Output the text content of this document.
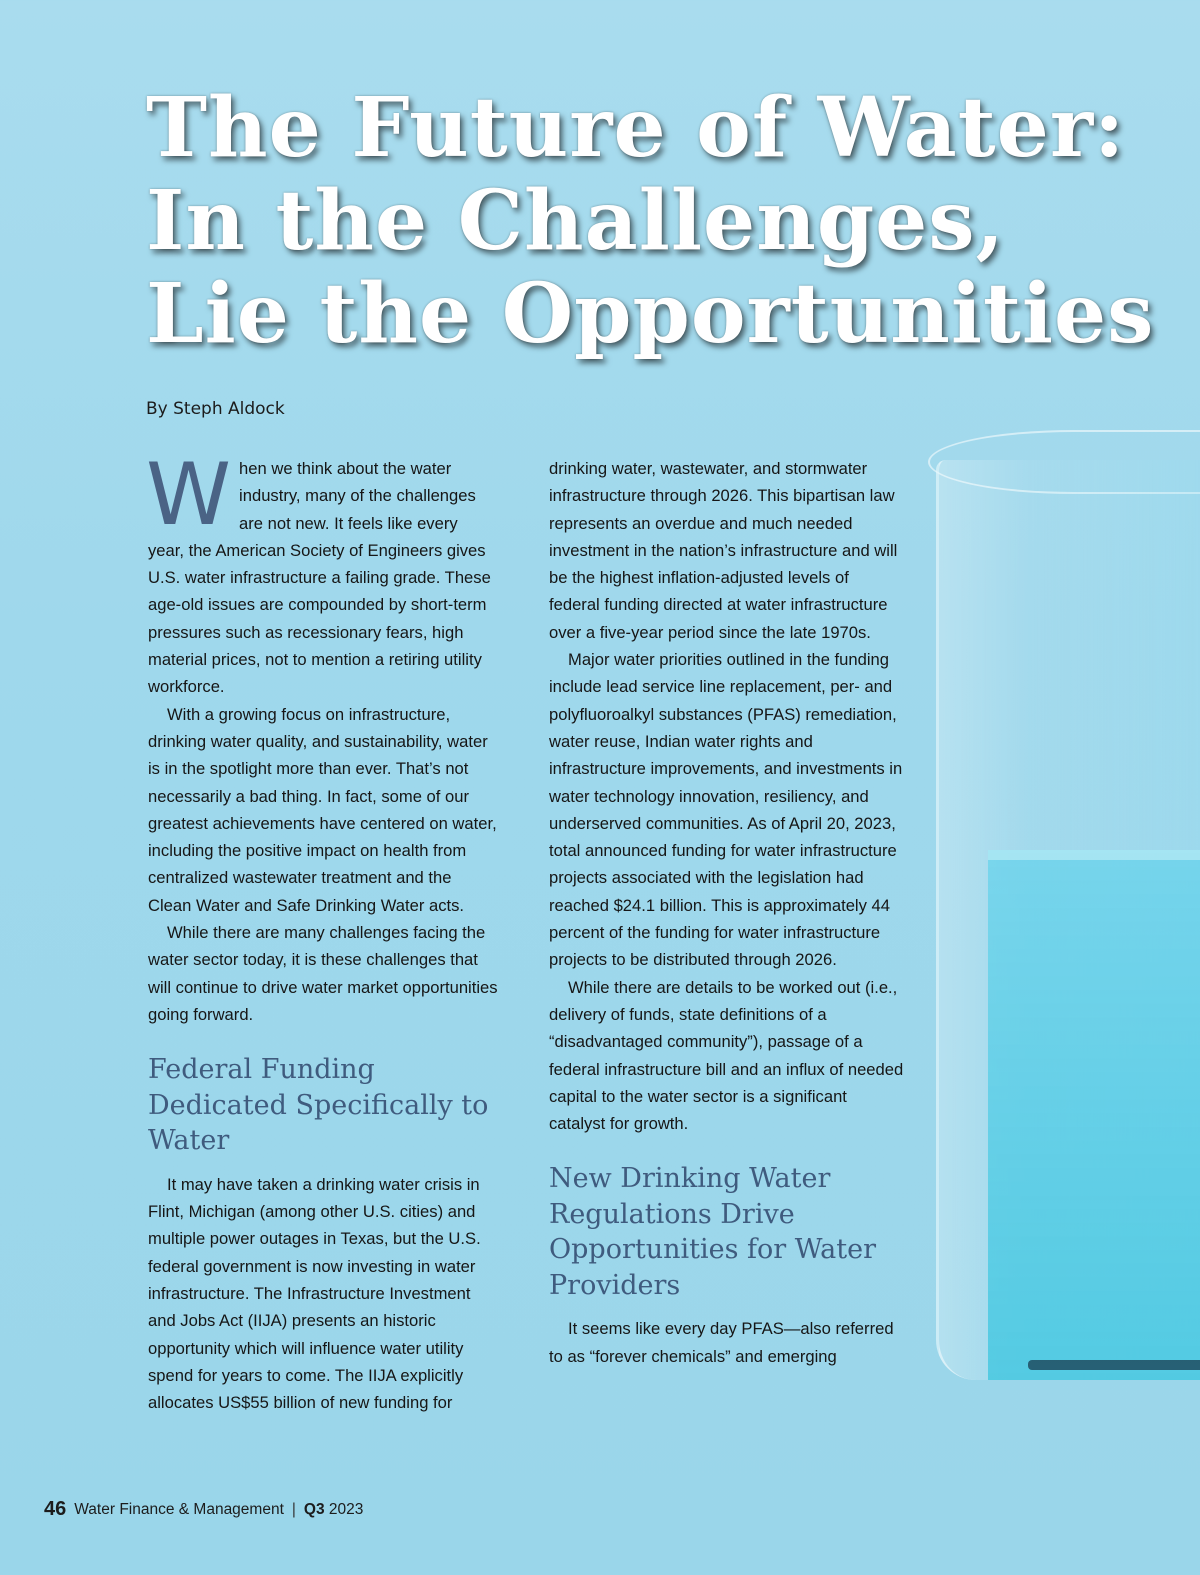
The Future of Water:
In the Challenges,
Lie the Opportunities
By Steph Aldock

When we think about the water industry, many of the challenges are not new. It feels like every year, the American Society of Engineers gives U.S. water infrastructure a failing grade. These age-old issues are compounded by short-term pressures such as recessionary fears, high material prices, not to mention a retiring utility workforce.

With a growing focus on infrastructure, drinking water quality, and sustainability, water is in the spotlight more than ever. That’s not necessarily a bad thing. In fact, some of our greatest achievements have centered on water, including the positive impact on health from centralized wastewater treatment and the Clean Water and Safe Drinking Water acts.

While there are many challenges facing the water sector today, it is these challenges that will continue to drive water market opportunities going forward.

Federal Funding Dedicated Specifically to Water

It may have taken a drinking water crisis in Flint, Michigan (among other U.S. cities) and multiple power outages in Texas, but the U.S. federal government is now investing in water infrastructure. The Infrastructure Investment and Jobs Act (IIJA) presents an historic opportunity which will influence water utility spend for years to come. The IIJA explicitly allocates US$55 billion of new funding for

drinking water, wastewater, and stormwater infrastructure through 2026. This bipartisan law represents an overdue and much needed investment in the nation’s infrastructure and will be the highest inflation-adjusted levels of federal funding directed at water infrastructure over a five-year period since the late 1970s.

Major water priorities outlined in the funding include lead service line replacement, per- and polyfluoroalkyl substances (PFAS) remediation, water reuse, Indian water rights and infrastructure improvements, and investments in water technology innovation, resiliency, and underserved communities. As of April 20, 2023, total announced funding for water infrastructure projects associated with the legislation had reached $24.1 billion. This is approximately 44 percent of the funding for water infrastructure projects to be distributed through 2026.

While there are details to be worked out (i.e., delivery of funds, state definitions of a “disadvantaged community”), passage of a federal infrastructure bill and an influx of needed capital to the water sector is a significant catalyst for growth.

New Drinking Water Regulations Drive Opportunities for Water Providers

It seems like every day PFAS—also referred to as “forever chemicals” and emerging

46 Water Finance & Management | Q3 2023
